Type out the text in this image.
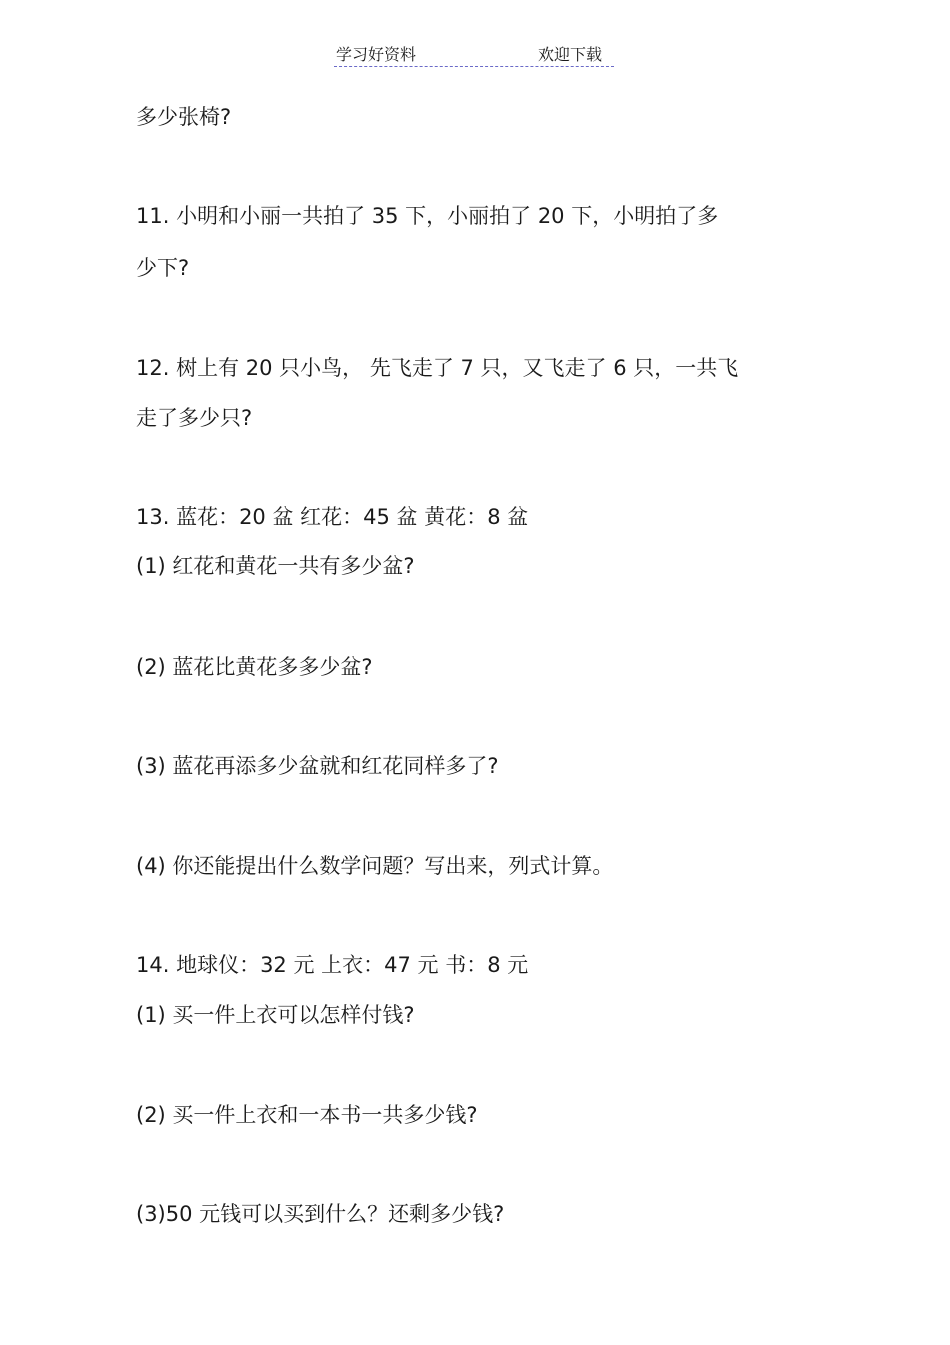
学习好资料	欢迎下载
多少张椅?
11. 小明和小丽一共拍了 35 下，小丽拍了 20 下，小明拍了多
少下?
12. 树上有 20 只小鸟， 先飞走了 7 只，又飞走了 6 只，一共飞
走了多少只?
13. 蓝花：20 盆 红花：45 盆 黄花：8 盆
(1) 红花和黄花一共有多少盆?
(2) 蓝花比黄花多多少盆?
(3) 蓝花再添多少盆就和红花同样多了?
(4) 你还能提出什么数学问题？写出来，列式计算。
14. 地球仪：32 元 上衣：47 元 书：8 元
(1) 买一件上衣可以怎样付钱?
(2) 买一件上衣和一本书一共多少钱?
(3)50 元钱可以买到什么？还剩多少钱?
